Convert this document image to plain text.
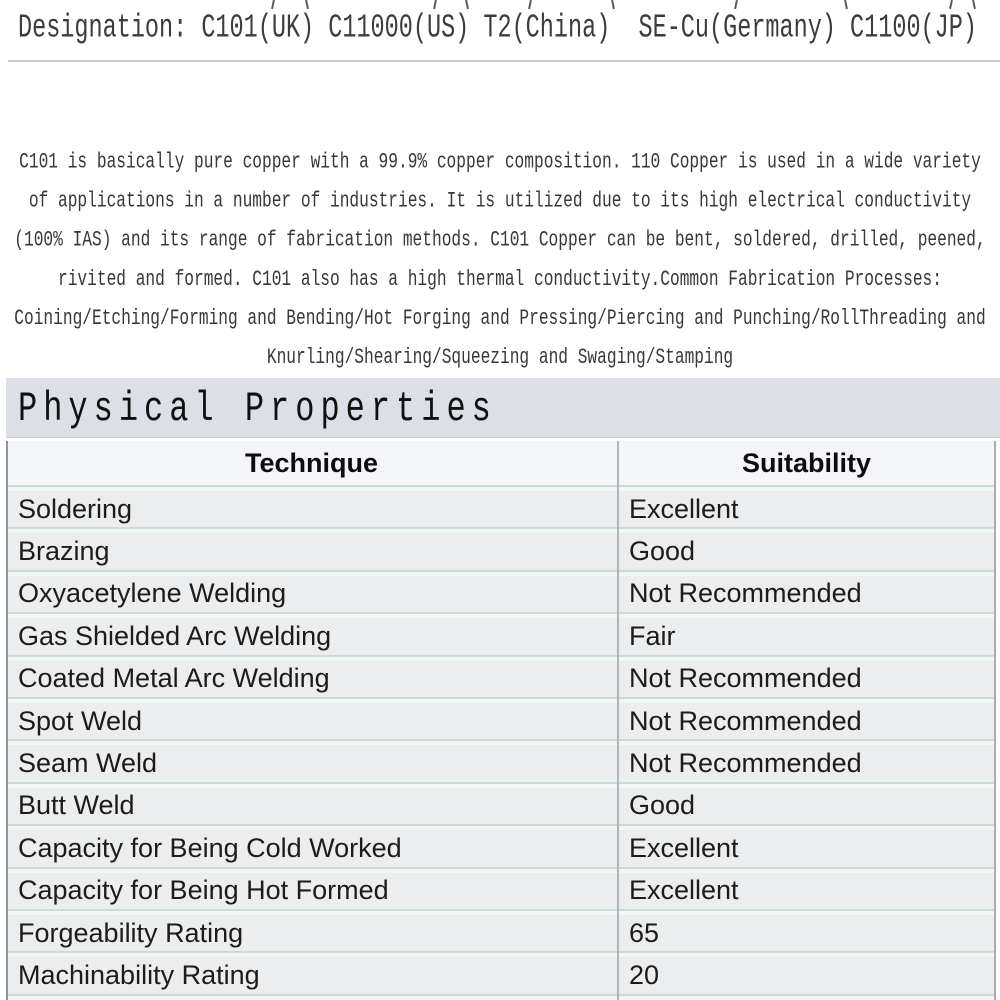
Designation: C101(UK) C11000(US) T2(China)  SE-Cu(Germany) C1100(JP)
C101 is basically pure copper with a 99.9% copper composition. 110 Copper is used in a wide variety
of applications in a number of industries. It is utilized due to its high electrical conductivity
(100% IAS) and its range of fabrication methods. C101 Copper can be bent, soldered, drilled, peened,
rivited and formed. C101 also has a high thermal conductivity.Common Fabrication Processes:
Coining/Etching/Forming and Bending/Hot Forging and Pressing/Piercing and Punching/RollThreading and
Knurling/Shearing/Squeezing and Swaging/Stamping
Physical Properties
Technique	Suitability
Soldering	Excellent
Brazing	Good
Oxyacetylene Welding	Not Recommended
Gas Shielded Arc Welding	Fair
Coated Metal Arc Welding	Not Recommended
Spot Weld	Not Recommended
Seam Weld	Not Recommended
Butt Weld	Good
Capacity for Being Cold Worked	Excellent
Capacity for Being Hot Formed	Excellent
Forgeability Rating	65
Machinability Rating	20
